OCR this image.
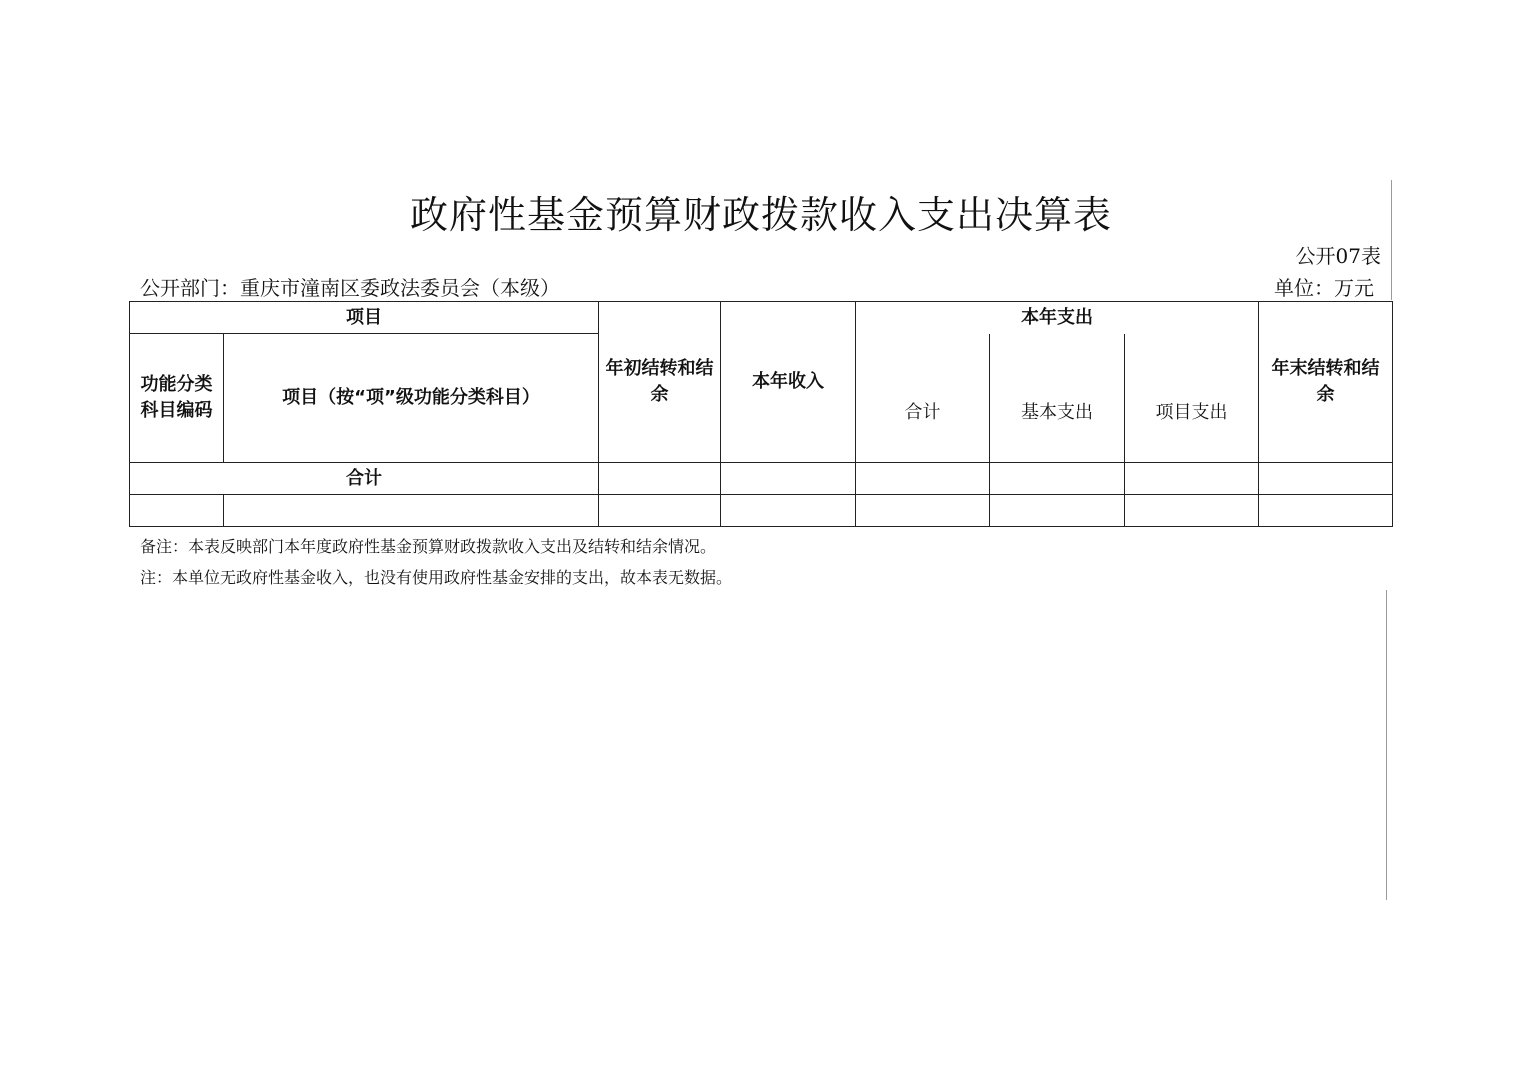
政府性基金预算财政拨款收入支出决算表
公开07表
公开部门：重庆市潼南区委政法委员会（本级）	单位：万元
项目		年初结转和结余	本年收入	本年支出			年末结转和结余
功能分类科目编码	项目（按“项”级功能分类科目）			合计	基本支出	项目支出	
合计							

备注：本表反映部门本年度政府性基金预算财政拨款收入支出及结转和结余情况。
注：本单位无政府性基金收入，也没有使用政府性基金安排的支出，故本表无数据。
